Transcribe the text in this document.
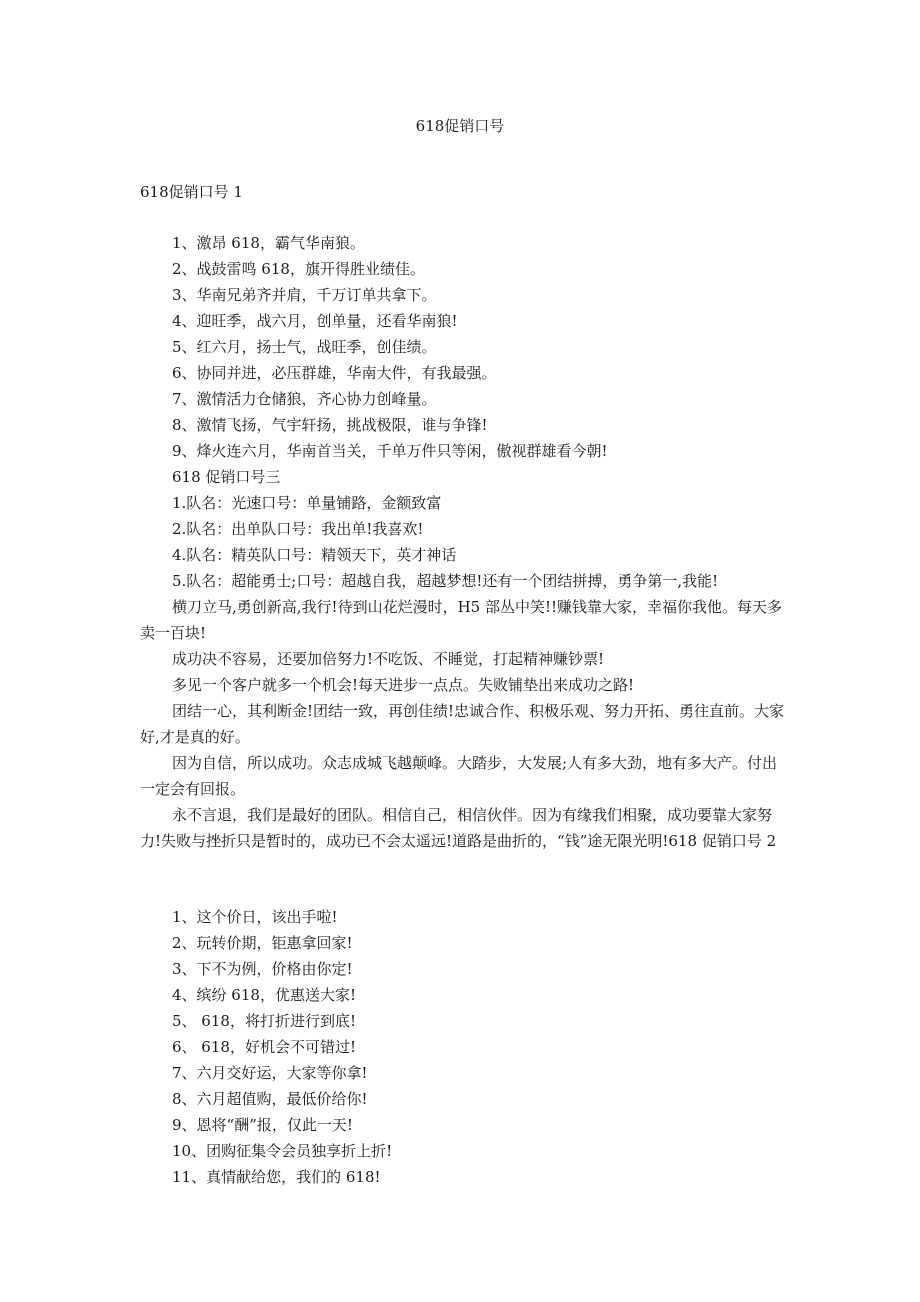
618促销口号
618促销口号 1
1、激昂 618，霸气华南狼。
2、战鼓雷鸣 618，旗开得胜业绩佳。
3、华南兄弟齐并肩，千万订单共拿下。
4、迎旺季，战六月，创单量，还看华南狼!
5、红六月，扬士气，战旺季，创佳绩。
6、协同并进，必压群雄，华南大件，有我最强。
7、激情活力仓储狼，齐心协力创峰量。
8、激情飞扬，气宇轩扬，挑战极限，谁与争锋!
9、烽火连六月，华南首当关，千单万件只等闲，傲视群雄看今朝!
618 促销口号三
1.队名：光速口号：单量铺路，金额致富
2.队名：出单队口号：我出单!我喜欢!
4.队名：精英队口号：精领天下，英才神话
5.队名：超能勇士;口号：超越自我，超越梦想!还有一个团结拼搏，勇争第一,我能!

横刀立马,勇创新高,我行!待到山花烂漫时，H5 部丛中笑!!赚钱靠大家，幸福你我他。每天多卖一百块!

成功决不容易，还要加倍努力!不吃饭、不睡觉，打起精神赚钞票!

多见一个客户就多一个机会!每天进步一点点。失败铺垫出来成功之路!

团结一心，其利断金!团结一致，再创佳绩!忠诚合作、积极乐观、努力开拓、勇往直前。大家好,才是真的好。

因为自信，所以成功。众志成城飞越颠峰。大踏步，大发展;人有多大劲，地有多大产。付出一定会有回报。

永不言退，我们是最好的团队。相信自己，相信伙伴。因为有缘我们相聚，成功要靠大家努力!失败与挫折只是暂时的，成功已不会太遥远!道路是曲折的，“钱”途无限光明!618 促销口号 2

1、这个价日，该出手啦!
2、玩转价期，钜惠拿回家!
3、下不为例，价格由你定!
4、缤纷 618，优惠送大家!
5、 618，将打折进行到底!
6、 618，好机会不可错过!
7、六月交好运，大家等你拿!
8、六月超值购，最低价给你!
9、恩将“酬”报，仅此一天!
10、团购征集令会员独享折上折!
11、真情献给您，我们的 618!
